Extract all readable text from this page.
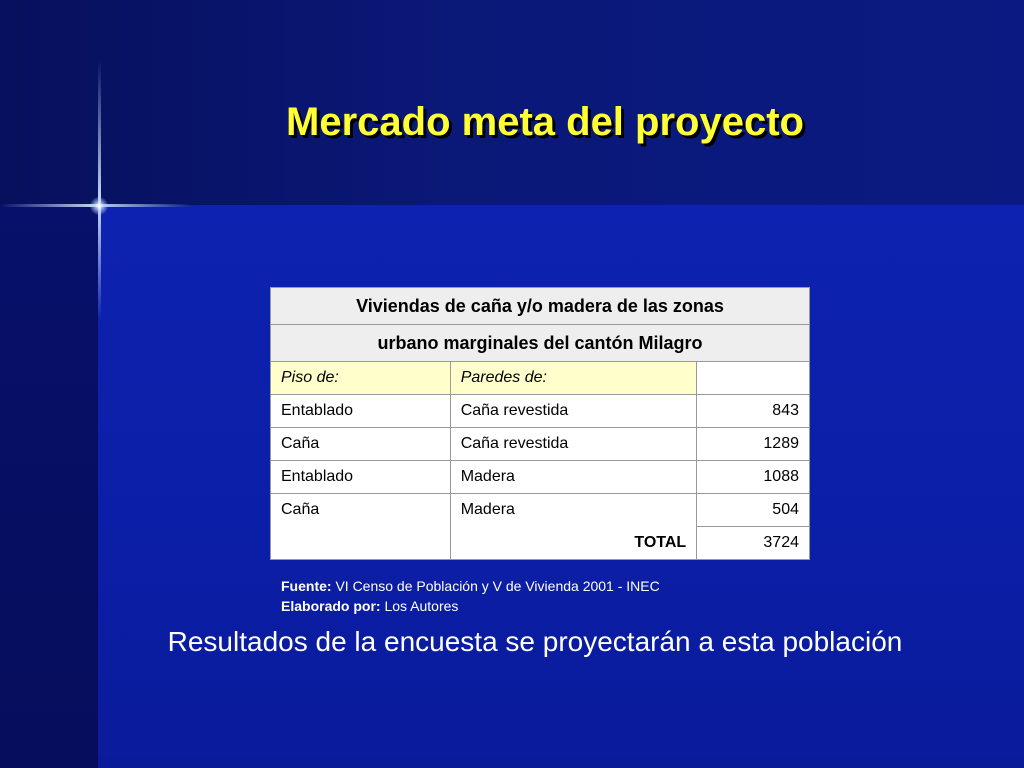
Mercado meta del proyecto
Viviendas de caña y/o madera de las zonas		
urbano marginales del cantón Milagro		
Piso de:	Paredes de:	
Entablado	Caña revestida	843
Caña	Caña revestida	1289
Entablado	Madera	1088
Caña	Madera	504
	TOTAL	3724
Fuente: VI Censo de Población y V de Vivienda 2001 - INEC
Elaborado por: Los Autores
Resultados de la encuesta se proyectarán a esta población
